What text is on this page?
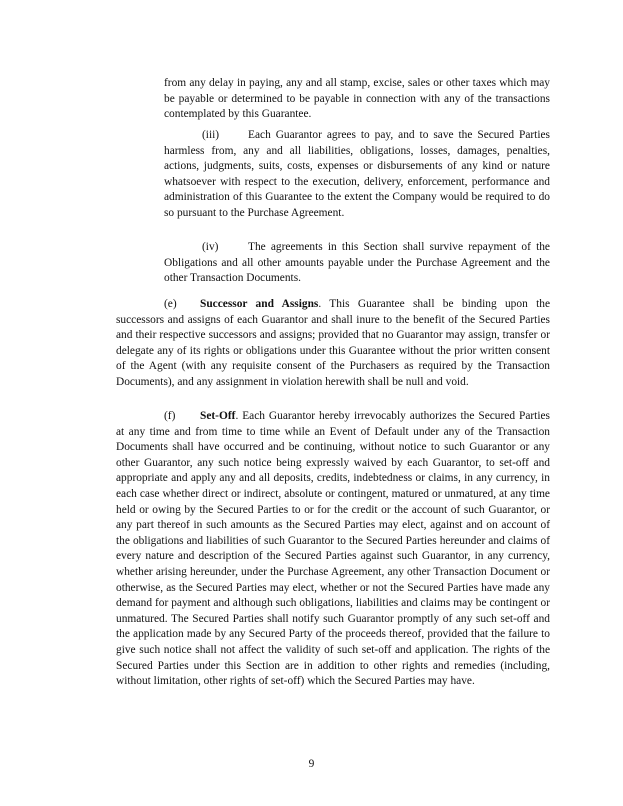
from any delay in paying, any and all stamp, excise, sales or other taxes which may be payable or determined to be payable in connection with any of the transactions contemplated by this Guarantee.

(iii)	Each Guarantor agrees to pay, and to save the Secured Parties harmless from, any and all liabilities, obligations, losses, damages, penalties, actions, judgments, suits, costs, expenses or disbursements of any kind or nature whatsoever with respect to the execution, delivery, enforcement, performance and administration of this Guarantee to the extent the Company would be required to do so pursuant to the Purchase Agreement.

(iv)	The agreements in this Section shall survive repayment of the Obligations and all other amounts payable under the Purchase Agreement and the other Transaction Documents.

(e) Successor and Assigns. This Guarantee shall be binding upon the successors and assigns of each Guarantor and shall inure to the benefit of the Secured Parties and their respective successors and assigns; provided that no Guarantor may assign, transfer or delegate any of its rights or obligations under this Guarantee without the prior written consent of the Agent (with any requisite consent of the Purchasers as required by the Transaction Documents), and any assignment in violation herewith shall be null and void.

(f) Set-Off. Each Guarantor hereby irrevocably authorizes the Secured Parties at any time and from time to time while an Event of Default under any of the Transaction Documents shall have occurred and be continuing, without notice to such Guarantor or any other Guarantor, any such notice being expressly waived by each Guarantor, to set-off and appropriate and apply any and all deposits, credits, indebtedness or claims, in any currency, in each case whether direct or indirect, absolute or contingent, matured or unmatured, at any time held or owing by the Secured Parties to or for the credit or the account of such Guarantor, or any part thereof in such amounts as the Secured Parties may elect, against and on account of the obligations and liabilities of such Guarantor to the Secured Parties hereunder and claims of every nature and description of the Secured Parties against such Guarantor, in any currency, whether arising hereunder, under the Purchase Agreement, any other Transaction Document or otherwise, as the Secured Parties may elect, whether or not the Secured Parties have made any demand for payment and although such obligations, liabilities and claims may be contingent or unmatured. The Secured Parties shall notify such Guarantor promptly of any such set-off and the application made by any Secured Party of the proceeds thereof, provided that the failure to give such notice shall not affect the validity of such set-off and application. The rights of the Secured Parties under this Section are in addition to other rights and remedies (including, without limitation, other rights of set-off) which the Secured Parties may have.

9
